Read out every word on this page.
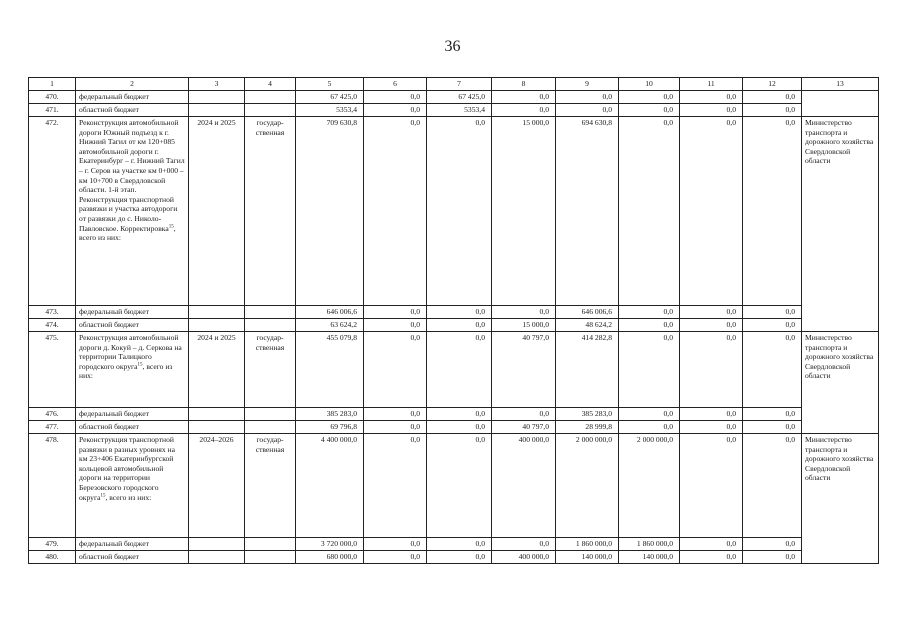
36
1	2	3	4	5	6	7	8	9	10	11	12	13
470.	федеральный бюджет			67 425,0	0,0	67 425,0	0,0	0,0	0,0	0,0	0,0	
471.	областной бюджет			5353,4	0,0	5353,4	0,0	0,0	0,0	0,0	0,0	
472.	Реконструкция автомобильной дороги Южный подъезд к г. Нижний Тагил от км 120+085 автомобильной дороги г. Екатеринбург – г. Нижний Тагил – г. Серов на участке км 0+000 – км 10+700 в Свердловской области. 1-й этап. Реконструкция транспортной развязки и участка автодороги от развязки до с. Николо-Павловское. Корректировка$^{15}$, всего из них:	2024 и 2025	государ-ственная	709 630,8	0,0	0,0	15 000,0	694 630,8	0,0	0,0	0,0	Министерство транспорта и дорожного хозяйства Свердловской области
473.	федеральный бюджет			646 006,6	0,0	0,0	0,0	646 006,6	0,0	0,0	0,0	
474.	областной бюджет			63 624,2	0,0	0,0	15 000,0	48 624,2	0,0	0,0	0,0	
475.	Реконструкция автомобильной дороги д. Кокуй – д. Серкова на территории Талицкого городского округа$^{15}$, всего из них:	2024 и 2025	государ-ственная	455 079,8	0,0	0,0	40 797,0	414 282,8	0,0	0,0	0,0	Министерство транспорта и дорожного хозяйства Свердловской области
476.	федеральный бюджет			385 283,0	0,0	0,0	0,0	385 283,0	0,0	0,0	0,0	
477.	областной бюджет			69 796,8	0,0	0,0	40 797,0	28 999,8	0,0	0,0	0,0	
478.	Реконструкция транспортной развязки в разных уровнях на км 23+406 Екатеринбургской кольцевой автомобильной дороги на территории Березовского городского округа$^{15}$, всего из них:	2024–2026	государ-ственная	4 400 000,0	0,0	0,0	400 000,0	2 000 000,0	2 000 000,0	0,0	0,0	Министерство транспорта и дорожного хозяйства Свердловской области
479.	федеральный бюджет			3 720 000,0	0,0	0,0	0,0	1 860 000,0	1 860 000,0	0,0	0,0	
480.	областной бюджет			680 000,0	0,0	0,0	400 000,0	140 000,0	140 000,0	0,0	0,0	
